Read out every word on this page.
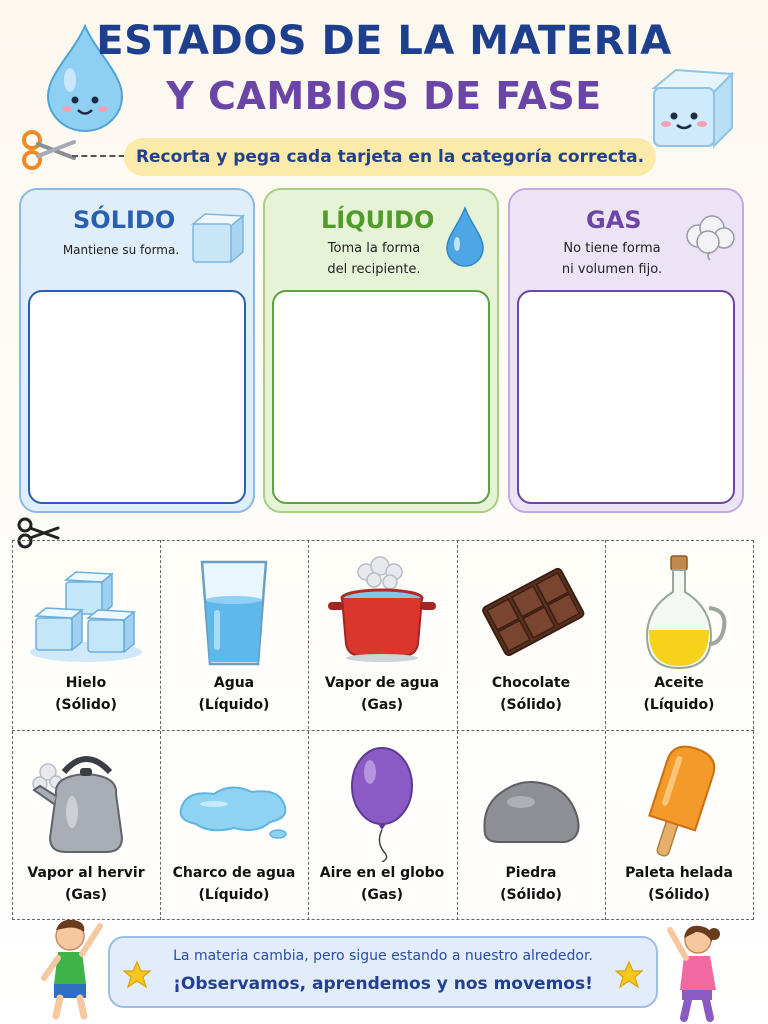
ESTADOS DE LA MATERIA
Y CAMBIOS DE FASE
Recorta y pega cada tarjeta en la categoría correcta.
SÓLIDO
Mantiene su forma.
LÍQUIDO
Toma la forma
del recipiente.
GAS
No tiene forma
ni volumen fijo.
Hielo
(Sólido)
Agua
(Líquido)
Vapor de agua
(Gas)
Chocolate
(Sólido)
Aceite
(Líquido)
Vapor al hervir
(Gas)
Charco de agua
(Líquido)
Aire en el globo
(Gas)
Piedra
(Sólido)
Paleta helada
(Sólido)
La materia cambia, pero sigue estando a nuestro alrededor.
¡Observamos, aprendemos y nos movemos!
